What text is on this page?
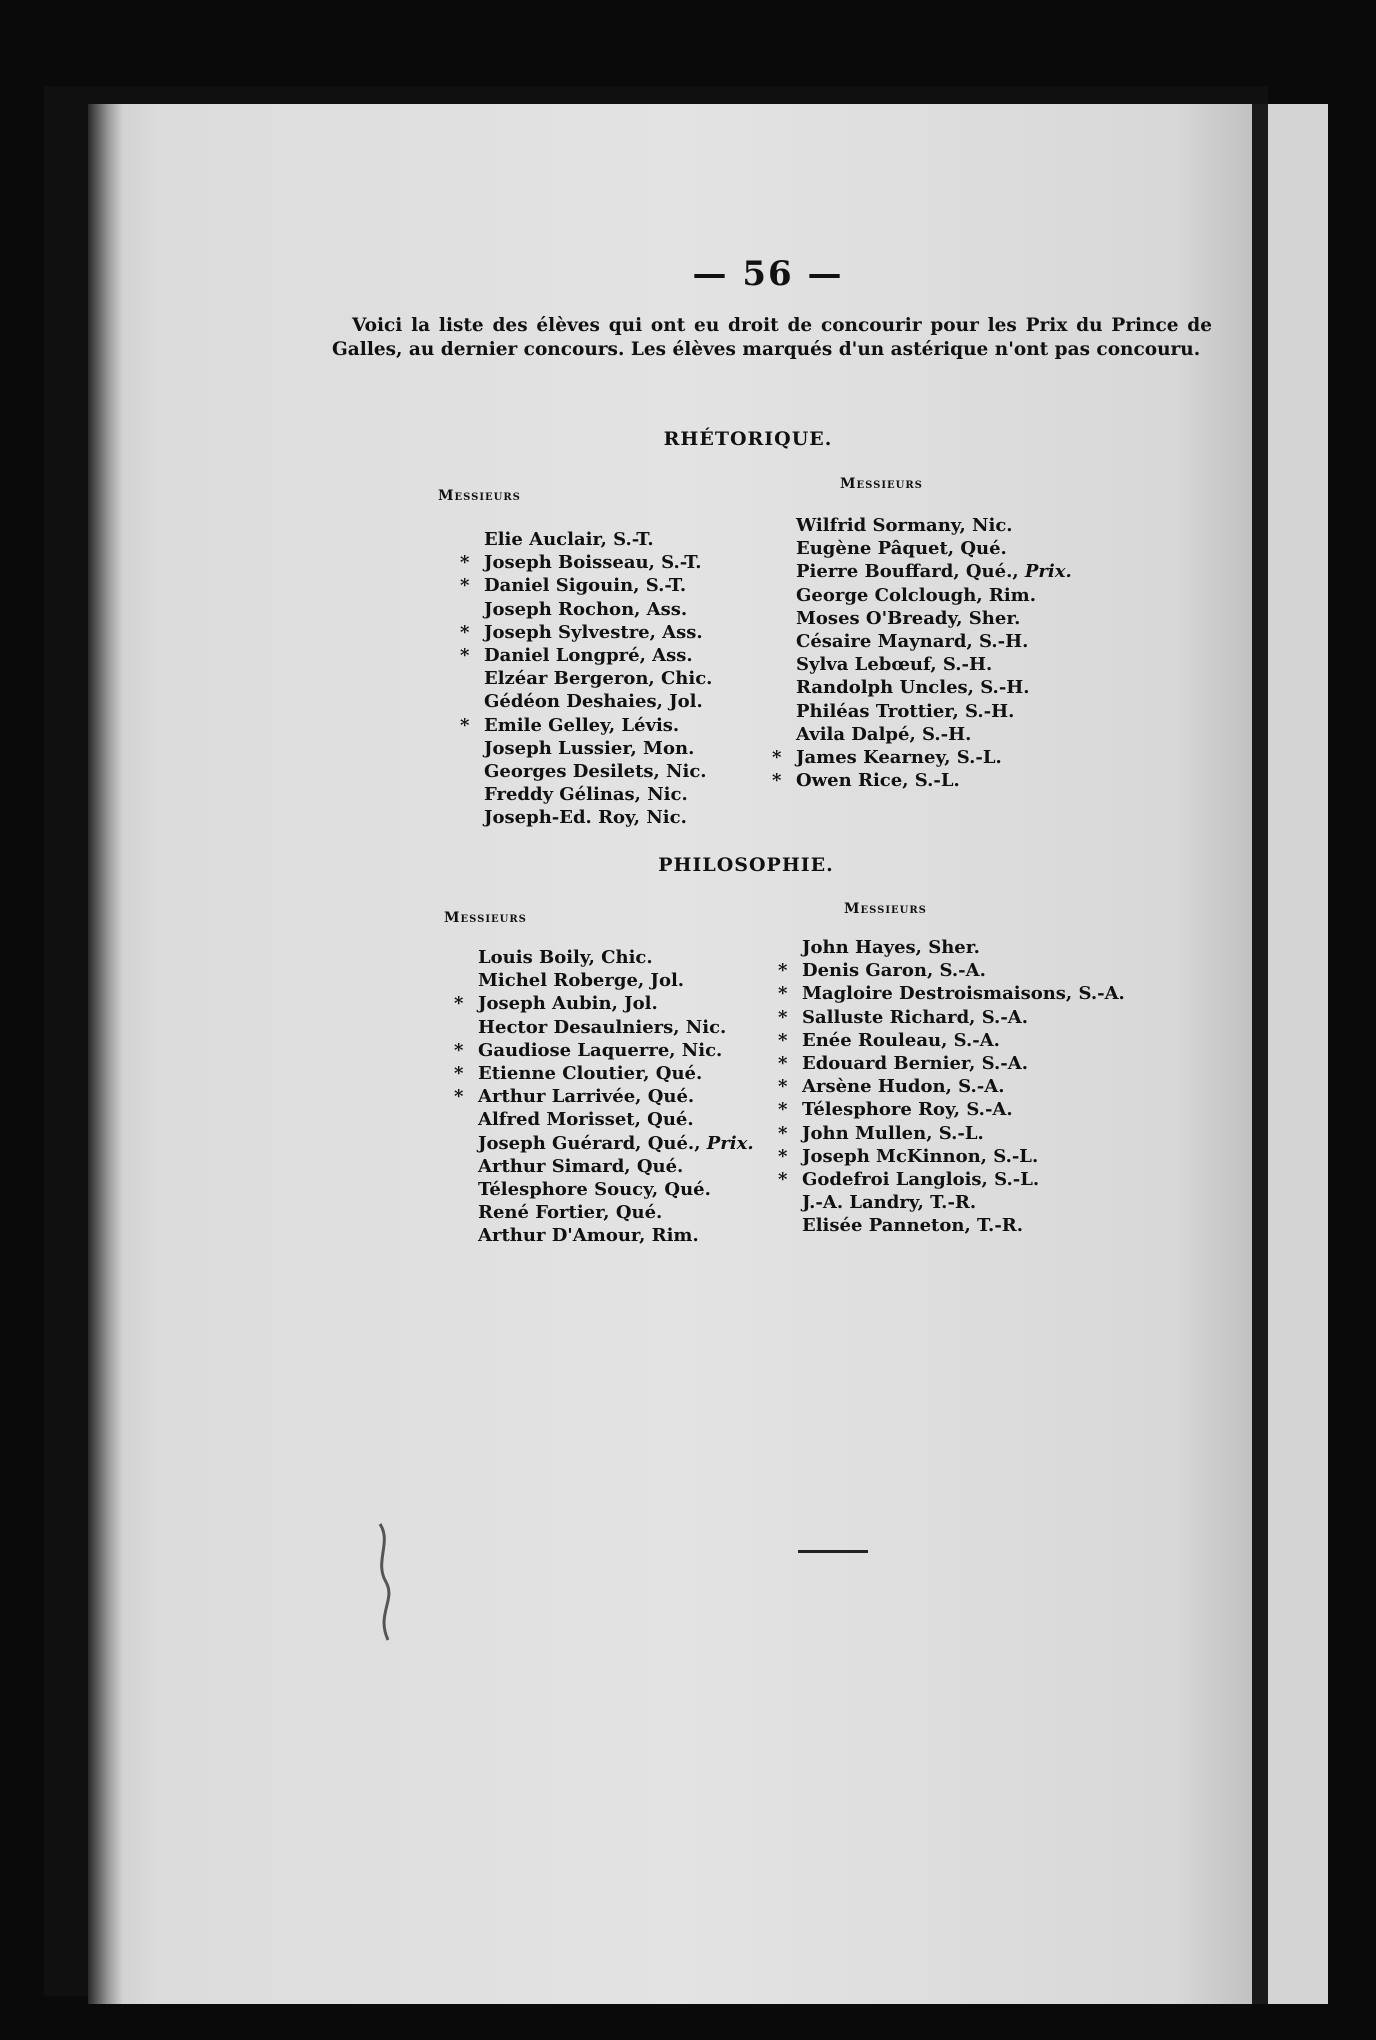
— 56 —

Voici la liste des élèves qui ont eu droit de concourir pour les Prix du Prince de Galles, au dernier concours. Les élèves marqués d'un astérique n'ont pas concouru.

RHÉTORIQUE.

Messieurs

Elie Auclair, S.-T.
* Joseph Boisseau, S.-T.
* Daniel Sigouin, S.-T.
Joseph Rochon, Ass.
* Joseph Sylvestre, Ass.
* Daniel Longpré, Ass.
Elzéar Bergeron, Chic.
Gédéon Deshaies, Jol.
* Emile Gelley, Lévis.
Joseph Lussier, Mon.
Georges Desilets, Nic.
Freddy Gélinas, Nic.
Joseph-Ed. Roy, Nic.

Messieurs

Wilfrid Sormany, Nic.
Eugène Pâquet, Qué.
Pierre Bouffard, Qué., Prix.
George Colclough, Rim.
Moses O'Bready, Sher.
Césaire Maynard, S.-H.
Sylva Lebœuf, S.-H.
Randolph Uncles, S.-H.
Philéas Trottier, S.-H.
Avila Dalpé, S.-H.
* James Kearney, S.-L.
* Owen Rice, S.-L.

PHILOSOPHIE.

Messieurs

Louis Boily, Chic.
Michel Roberge, Jol.
* Joseph Aubin, Jol.
Hector Desaulniers, Nic.
* Gaudiose Laquerre, Nic.
* Etienne Cloutier, Qué.
* Arthur Larrivée, Qué.
Alfred Morisset, Qué.
Joseph Guérard, Qué., Prix.
Arthur Simard, Qué.
Télesphore Soucy, Qué.
René Fortier, Qué.
Arthur D'Amour, Rim.

Messieurs

John Hayes, Sher.
* Denis Garon, S.-A.
* Magloire Destroismaisons, S.-A.
* Salluste Richard, S.-A.
* Enée Rouleau, S.-A.
* Edouard Bernier, S.-A.
* Arsène Hudon, S.-A.
* Télesphore Roy, S.-A.
* John Mullen, S.-L.
* Joseph McKinnon, S.-L.
* Godefroi Langlois, S.-L.
J.-A. Landry, T.-R.
Elisée Panneton, T.-R.
